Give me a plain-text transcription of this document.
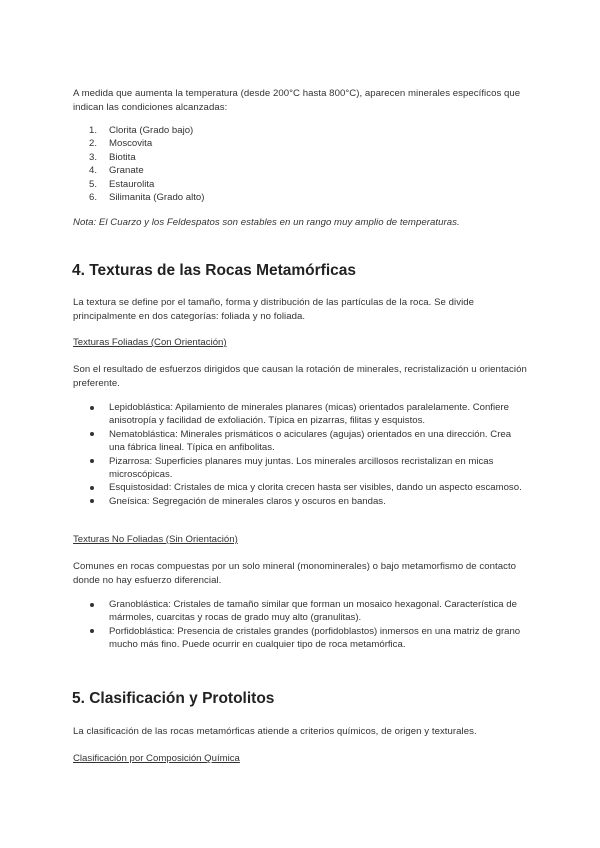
A medida que aumenta la temperatura (desde 200°C hasta 800°C), aparecen minerales específicos que indican las condiciones alcanzadas:

1. Clorita (Grado bajo)
2. Moscovita
3. Biotita
4. Granate
5. Estaurolita
6. Silimanita (Grado alto)

Nota: El Cuarzo y los Feldespatos son estables en un rango muy amplio de temperaturas.

4. Texturas de las Rocas Metamórficas

La textura se define por el tamaño, forma y distribución de las partículas de la roca. Se divide principalmente en dos categorías: foliada y no foliada.

Texturas Foliadas (Con Orientación)

Son el resultado de esfuerzos dirigidos que causan la rotación de minerales, recristalización u orientación preferente.

Lepidoblástica: Apilamiento de minerales planares (micas) orientados paralelamente. Confiere anisotropía y facilidad de exfoliación. Típica en pizarras, filitas y esquistos.
Nematoblástica: Minerales prismáticos o aciculares (agujas) orientados en una dirección. Crea una fábrica lineal. Típica en anfibolitas.
Pizarrosa: Superficies planares muy juntas. Los minerales arcillosos recristalizan en micas microscópicas.
Esquistosidad: Cristales de mica y clorita crecen hasta ser visibles, dando un aspecto escamoso.
Gneísica: Segregación de minerales claros y oscuros en bandas.

Texturas No Foliadas (Sin Orientación)

Comunes en rocas compuestas por un solo mineral (monominerales) o bajo metamorfismo de contacto donde no hay esfuerzo diferencial.

Granoblástica: Cristales de tamaño similar que forman un mosaico hexagonal. Característica de mármoles, cuarcitas y rocas de grado muy alto (granulitas).
Porfidoblástica: Presencia de cristales grandes (porfidoblastos) inmersos en una matriz de grano mucho más fino. Puede ocurrir en cualquier tipo de roca metamórfica.
5. Clasificación y Protolitos

La clasificación de las rocas metamórficas atiende a criterios químicos, de origen y texturales.

Clasificación por Composición Química
